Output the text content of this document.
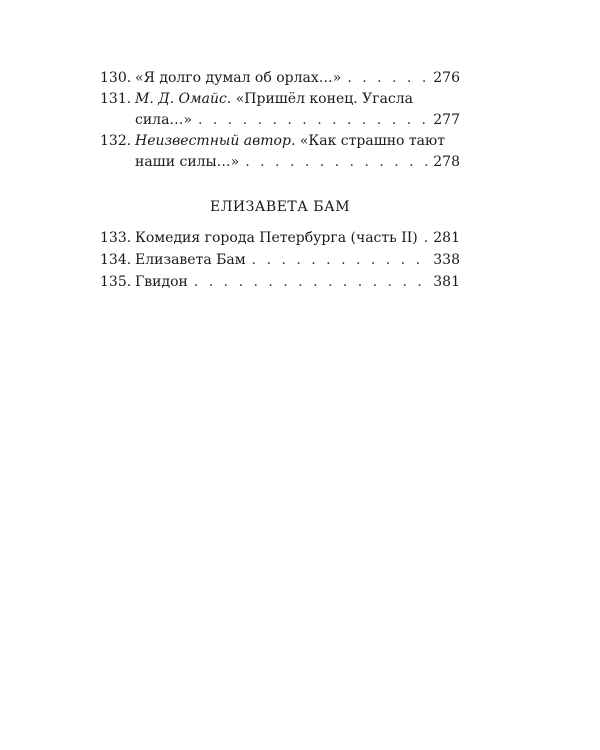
130. «Я долго думал об орлах…» . . .	276
131. М. Д. Омайс. «Пришёл конец. Угасла
сила…» . . .	277
132. Неизвестный автор. «Как страшно тают
наши силы…» . . .	278
ЕЛИЗАВЕТА БАМ
133. Комедия города Петербурга (часть II) . . . 281
134. Елизавета Бам . . .	338
135. Гвидон . . .	381
